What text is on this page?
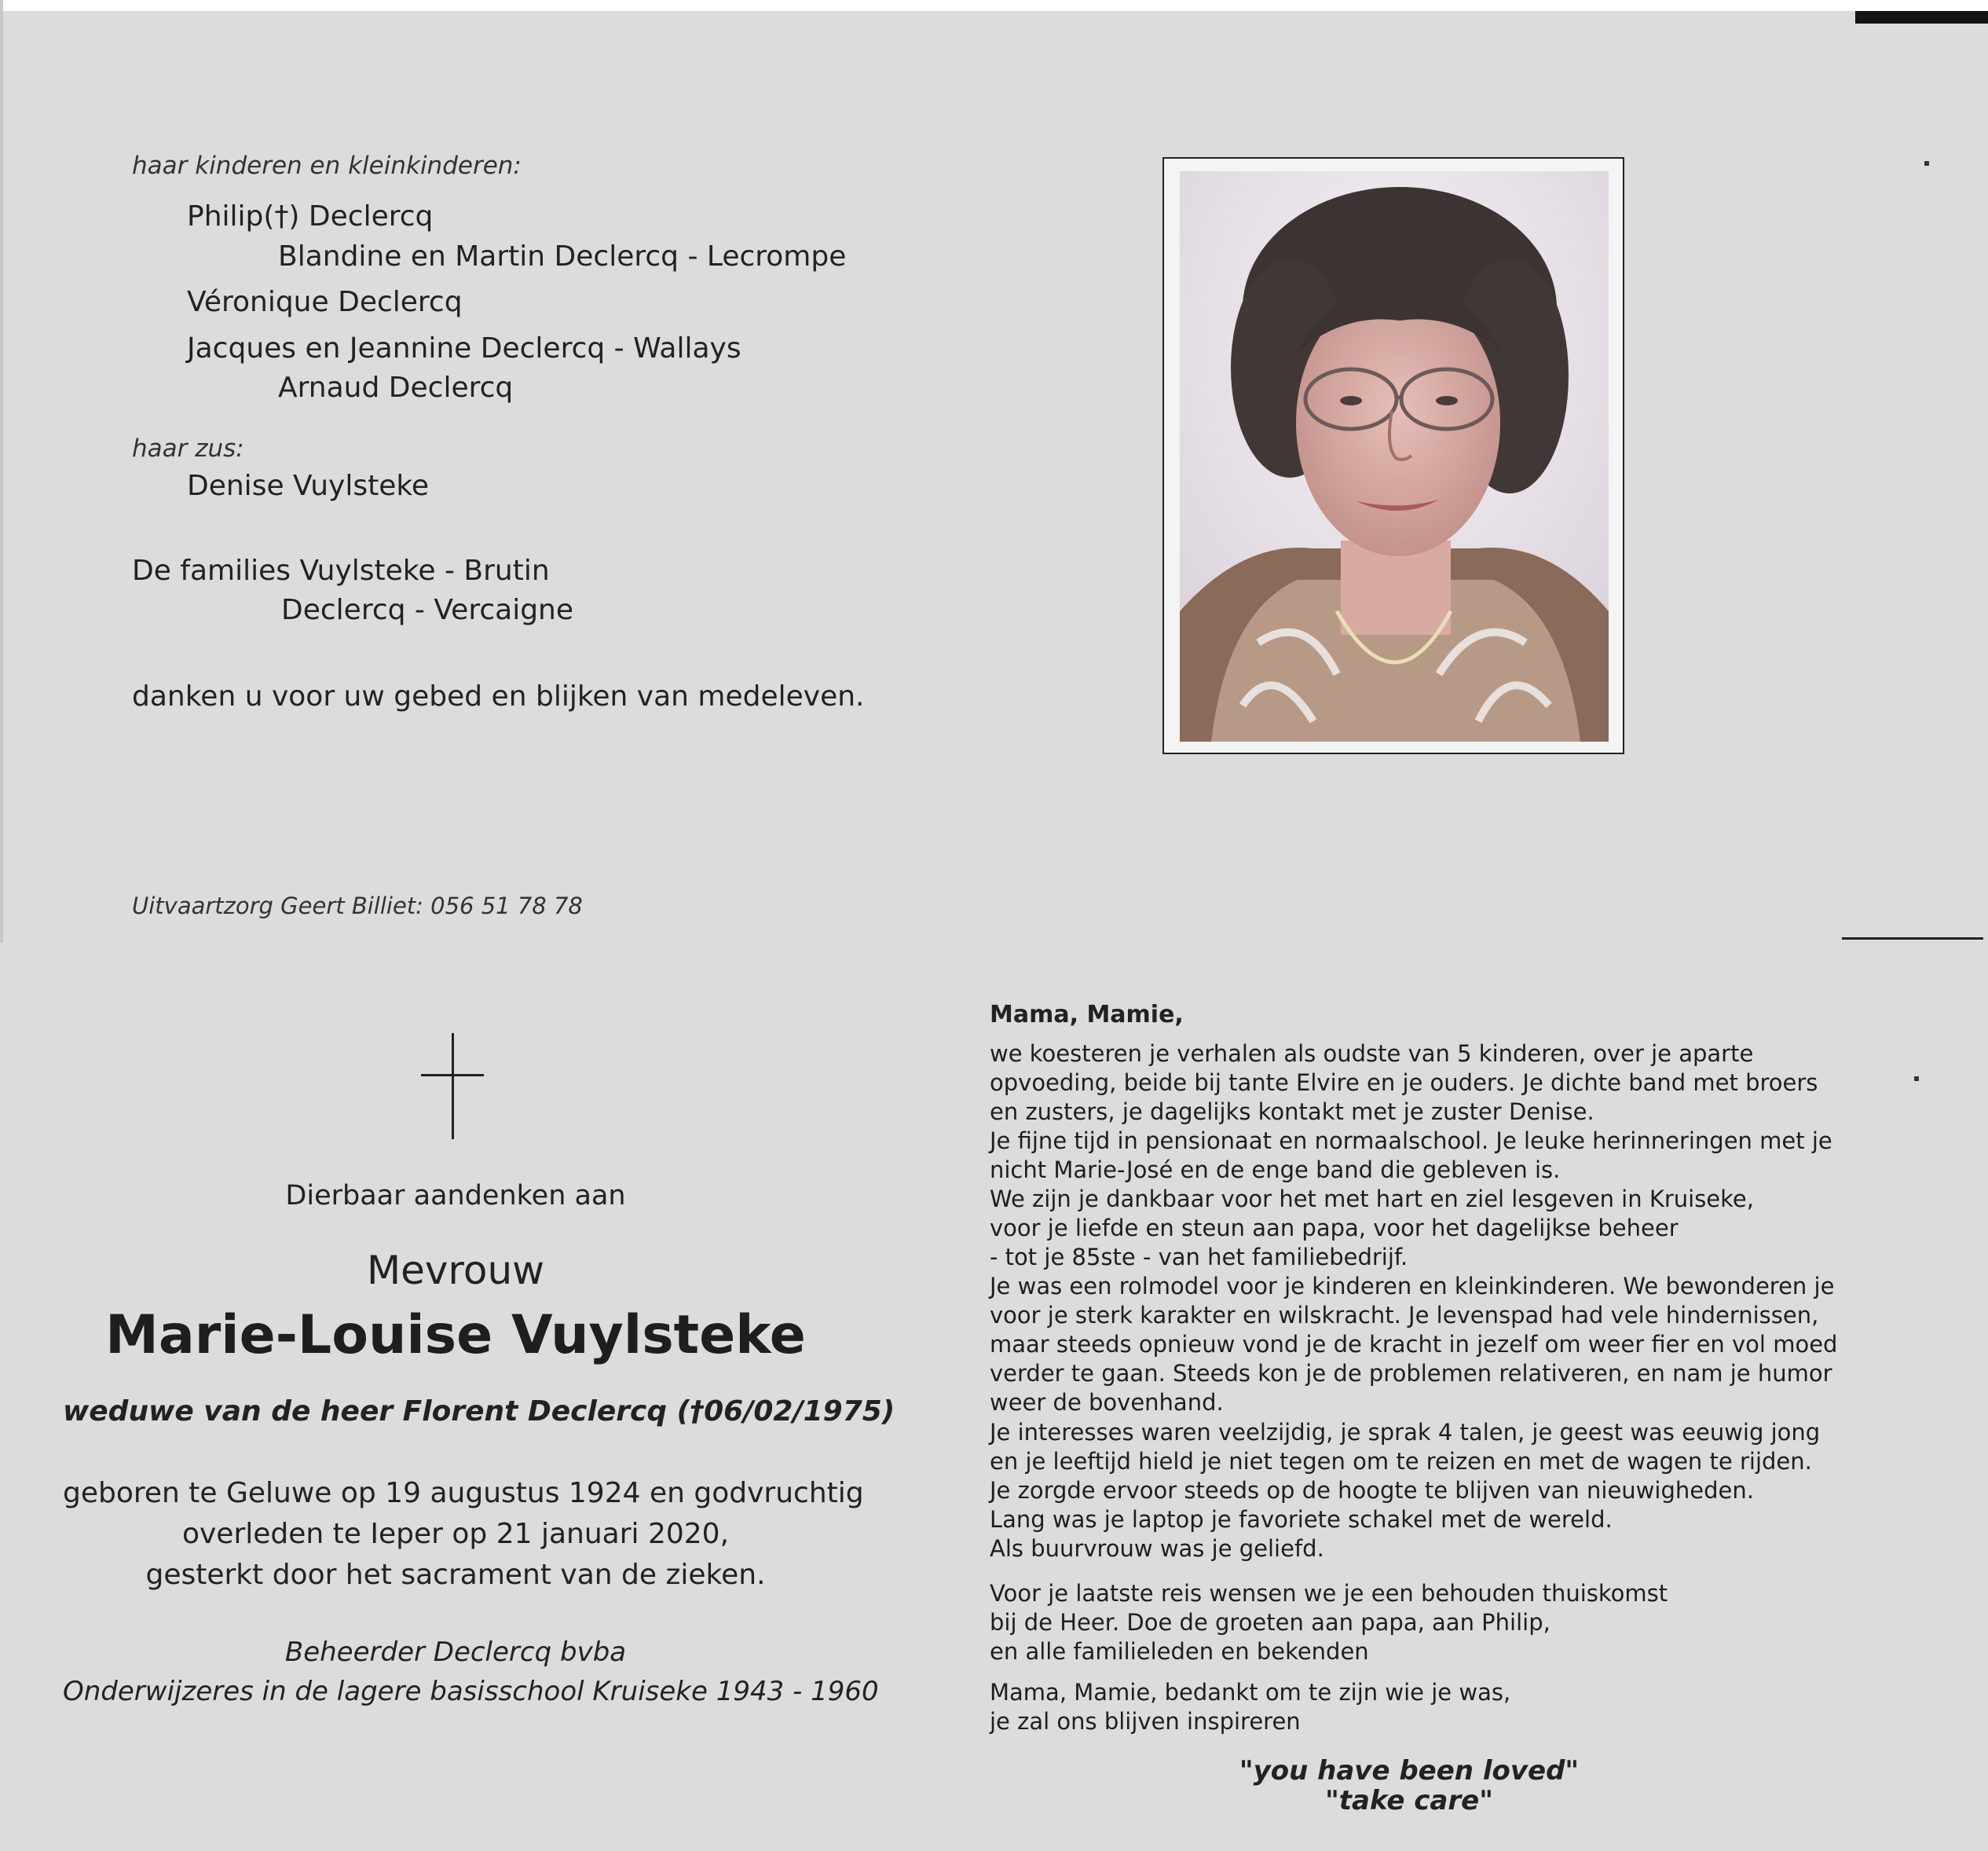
haar kinderen en kleinkinderen:
Philip(†) Declercq
Blandine en Martin Declercq - Lecrompe
Véronique Declercq
Jacques en Jeannine Declercq - Wallays
Arnaud Declercq
haar zus:
Denise Vuylsteke
De families Vuylsteke - Brutin
Declercq - Vercaigne
danken u voor uw gebed en blijken van medeleven.
Uitvaartzorg Geert Billiet: 056 51 78 78
Dierbaar aandenken aan
Mevrouw
Marie-Louise Vuylsteke
weduwe van de heer Florent Declercq (†06/02/1975)
geboren te Geluwe op 19 augustus 1924 en godvruchtig
overleden te Ieper op 21 januari 2020,
gesterkt door het sacrament van de zieken.
Beheerder Declercq bvba
Onderwijzeres in de lagere basisschool Kruiseke 1943 - 1960
Mama, Mamie,
we koesteren je verhalen als oudste van 5 kinderen, over je aparte
opvoeding, beide bij tante Elvire en je ouders. Je dichte band met broers
en zusters, je dagelijks kontakt met je zuster Denise.
Je fijne tijd in pensionaat en normaalschool. Je leuke herinneringen met je
nicht Marie-José en de enge band die gebleven is.
We zijn je dankbaar voor het met hart en ziel lesgeven in Kruiseke,
voor je liefde en steun aan papa, voor het dagelijkse beheer
- tot je 85ste - van het familiebedrijf.
Je was een rolmodel voor je kinderen en kleinkinderen. We bewonderen je
voor je sterk karakter en wilskracht. Je levenspad had vele hindernissen,
maar steeds opnieuw vond je de kracht in jezelf om weer fier en vol moed
verder te gaan. Steeds kon je de problemen relativeren, en nam je humor
weer de bovenhand.
Je interesses waren veelzijdig, je sprak 4 talen, je geest was eeuwig jong
en je leeftijd hield je niet tegen om te reizen en met de wagen te rijden.
Je zorgde ervoor steeds op de hoogte te blijven van nieuwigheden.
Lang was je laptop je favoriete schakel met de wereld.
Als buurvrouw was je geliefd.
Voor je laatste reis wensen we je een behouden thuiskomst
bij de Heer. Doe de groeten aan papa, aan Philip,
en alle familieleden en bekenden
Mama, Mamie, bedankt om te zijn wie je was,
je zal ons blijven inspireren
"you have been loved"
"take care"
